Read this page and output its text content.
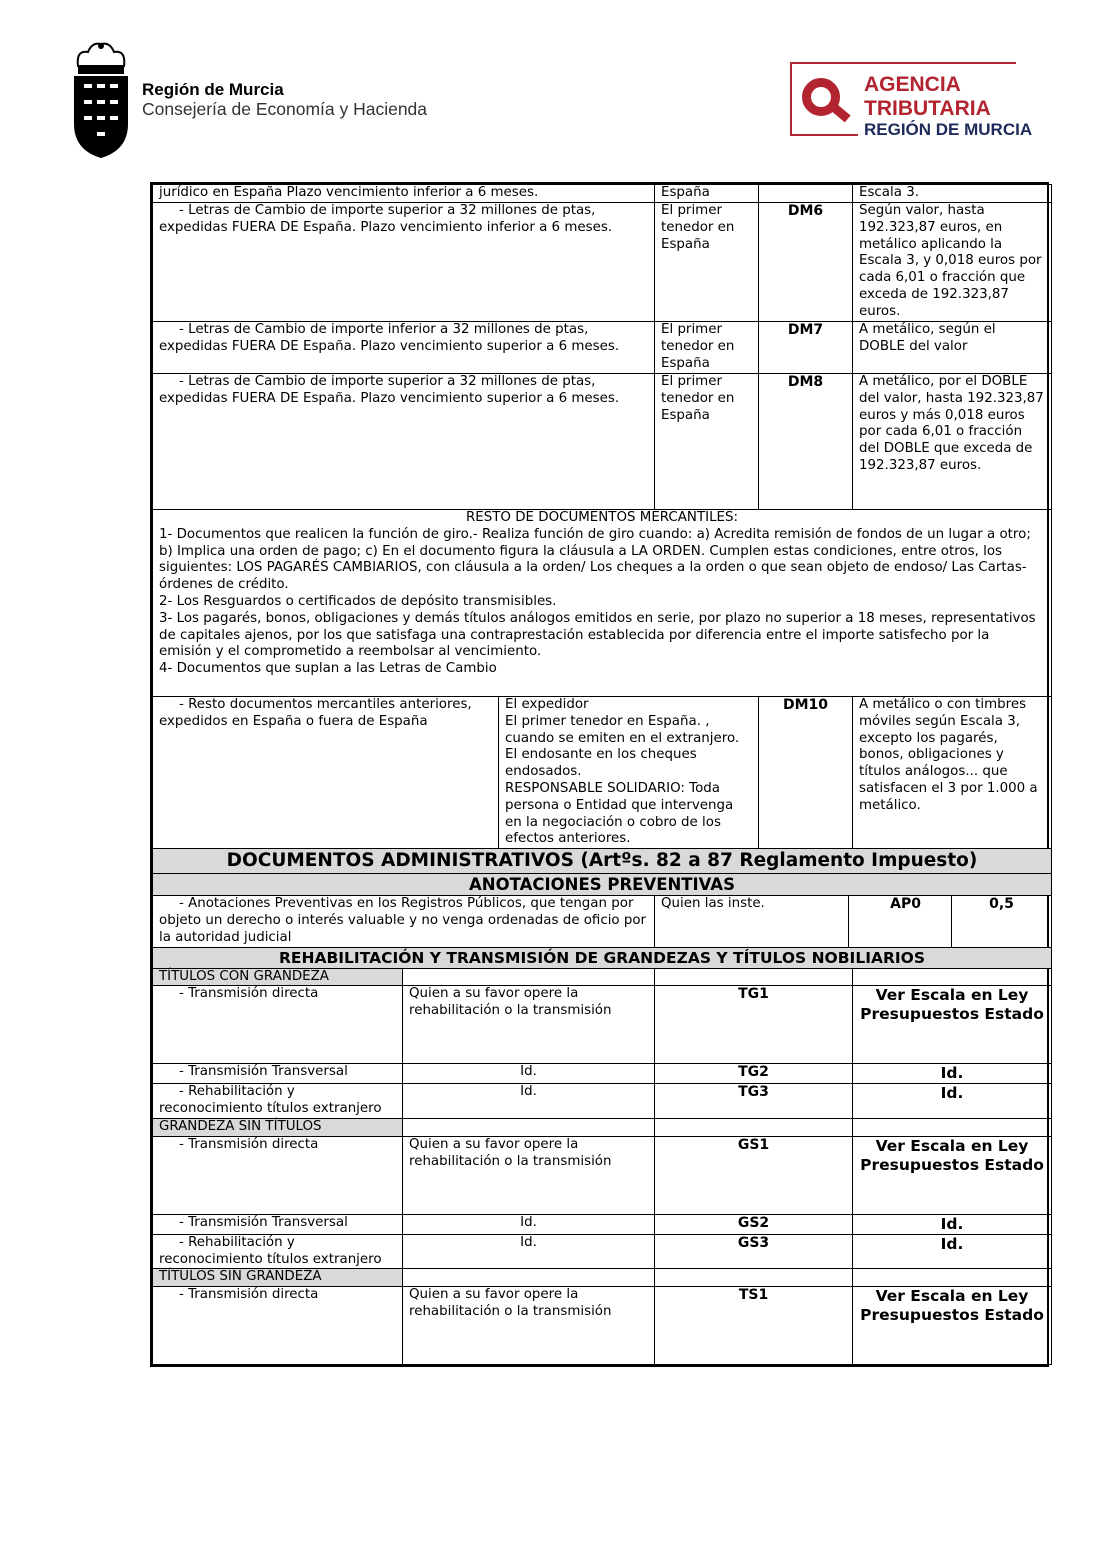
Región de Murcia
Consejería de Economía y Hacienda
AGENCIA
TRIBUTARIA
REGIÓN DE MURCIA
jurídico en España Plazo vencimiento inferior a 6 meses.			España			Escala 3.	
- Letras de Cambio de importe superior a 32 millones de ptas, expedidas FUERA DE España. Plazo vencimiento inferior a 6 meses.			El primer tenedor en España	DM6		Según valor, hasta 192.323,87 euros, en metálico aplicando la Escala 3, y 0,018 euros por cada 6,01 o fracción que exceda de 192.323,87 euros.	
- Letras de Cambio de importe inferior a 32 millones de ptas, expedidas FUERA DE España. Plazo vencimiento superior a 6 meses.			El primer tenedor en España	DM7		A metálico, según el DOBLE del valor	
- Letras de Cambio de importe superior a 32 millones de ptas, expedidas FUERA DE España. Plazo vencimiento superior a 6 meses.			El primer tenedor en España	DM8		A metálico, por el DOBLE del valor, hasta 192.323,87 euros y más 0,018 euros por cada 6,01 o fracción del DOBLE que exceda de 192.323,87 euros.	

RESTO DE DOCUMENTOS MERCANTILES:

1- Documentos que realicen la función de giro.- Realiza función de giro cuando: a) Acredita remisión de fondos de un lugar a otro; b) Implica una orden de pago; c) En el documento figura la cláusula a LA ORDEN. Cumplen estas condiciones, entre otros, los siguientes: LOS PAGARÉS CAMBIARIOS, con cláusula a la orden/ Los cheques a la orden o que sean objeto de endoso/ Las Cartas-órdenes de crédito.

2- Los Resguardos o certificados de depósito transmisibles.

3- Los pagarés, bonos, obligaciones y demás títulos análogos emitidos en serie, por plazo no superior a 18 meses, representativos de capitales ajenos, por los que satisfaga una contraprestación establecida por diferencia entre el importe satisfecho por la emisión y el comprometido a reembolsar al vencimiento.

4- Documentos que suplan a las Letras de Cambio							

- Resto documentos mercantiles anteriores, expedidos en España o fuera de España		El expedidor
El primer tenedor en España. , cuando se emiten en el extranjero.
El endosante en los cheques endosados.
RESPONSABLE SOLIDARIO: Toda persona o Entidad que intervenga en la negociación o cobro de los efectos anteriores.		DM10		A metálico o con timbres móviles según Escala 3, excepto los pagarés, bonos, obligaciones y títulos análogos... que satisfacen el 3 por 1.000 a metálico.	
DOCUMENTOS ADMINISTRATIVOS (Artºs. 82 a 87 Reglamento Impuesto)							
ANOTACIONES PREVENTIVAS							
- Anotaciones Preventivas en los Registros Públicos, que tengan por objeto un derecho o interés valuable y no venga ordenadas de oficio por la autoridad judicial			Quien las inste.		AP0		0,5
REHABILITACIÓN Y TRANSMISIÓN DE GRANDEZAS Y TÍTULOS NOBILIARIOS							
TÍTULOS CON GRANDEZA							
- Transmisión directa	Quien a su favor opere la rehabilitación o la transmisión		TG1			Ver Escala en Ley Presupuestos Estado	
- Transmisión Transversal	Id.		TG2			Id.	
- Rehabilitación y reconocimiento títulos extranjero	Id.		TG3			Id.	
GRANDEZA SIN TÍTULOS							
- Transmisión directa	Quien a su favor opere la rehabilitación o la transmisión		GS1			Ver Escala en Ley Presupuestos Estado	
- Transmisión Transversal	Id.		GS2			Id.	
- Rehabilitación y reconocimiento títulos extranjero	Id.		GS3			Id.	
TÍTULOS SIN GRANDEZA							
- Transmisión directa	Quien a su favor opere la rehabilitación o la transmisión		TS1			Ver Escala en Ley Presupuestos Estado	
